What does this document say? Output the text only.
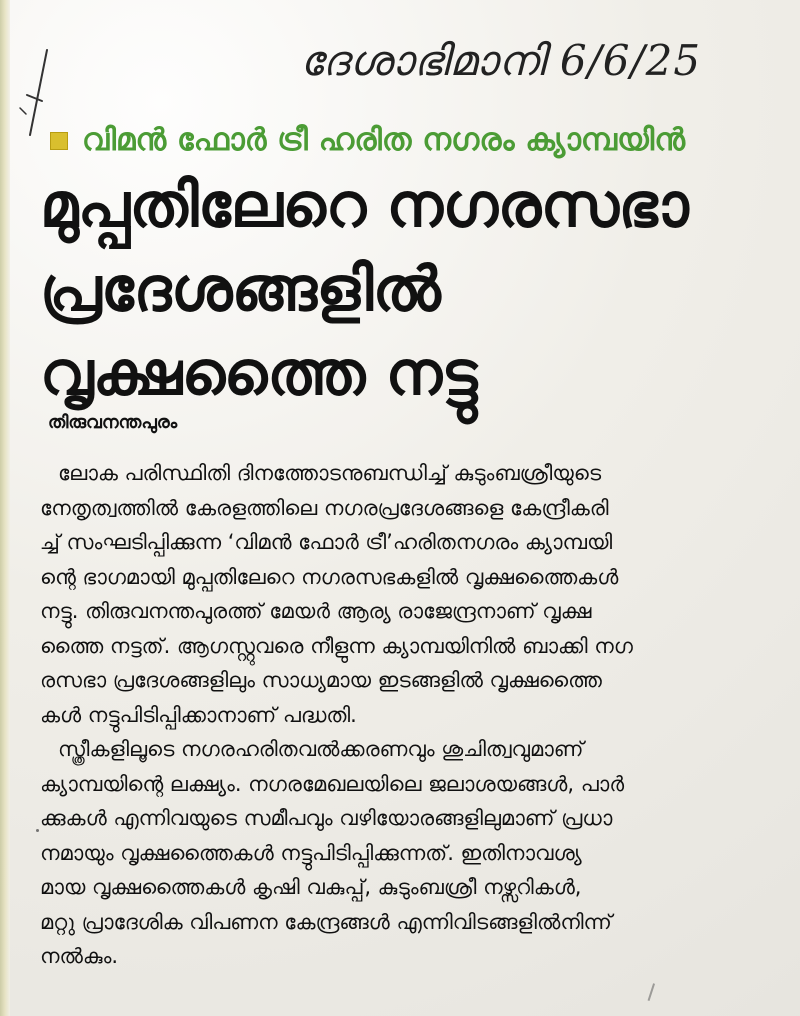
ദേശാഭിമാനി 6/6/25
വിമൻ ഫോർ ട്രീ ഹരിത നഗരം ക്യാമ്പയിൻ
മുപ്പതിലേറെ നഗരസഭാ
പ്രദേശങ്ങളിൽ
വൃക്ഷത്തൈ നട്ടു
തിരുവനന്തപുരം

ലോക പരിസ്ഥിതി ദിനത്തോടനുബന്ധിച്ച് കുടുംബശ്രീയുടെ
നേതൃത്വത്തിൽ കേരളത്തിലെ നഗരപ്രദേശങ്ങളെ കേന്ദ്രീകരി
ച്ച് സംഘടിപ്പിക്കുന്ന ‘വിമൻ ഫോർ ട്രീ’ഹരിതനഗരം ക്യാമ്പയി
ന്റെ ഭാഗമായി മുപ്പതിലേറെ നഗരസഭകളിൽ വൃക്ഷത്തൈകൾ
നട്ടു. തിരുവനന്തപുരത്ത് മേയർ ആര്യ രാജേന്ദ്രനാണ് വൃക്ഷ
ത്തൈ നട്ടത്. ആഗസ്റ്റുവരെ നീളുന്ന ക്യാമ്പയിനിൽ ബാക്കി നഗ
രസഭാ പ്രദേശങ്ങളിലും സാധ്യമായ ഇടങ്ങളിൽ വൃക്ഷത്തൈ
കൾ നട്ടുപിടിപ്പിക്കാനാണ് പദ്ധതി.
സ്ത്രീകളിലൂടെ നഗരഹരിതവൽക്കരണവും ശുചിത്വവുമാണ്
ക്യാമ്പയിന്റെ ലക്ഷ്യം. നഗരമേഖലയിലെ ജലാശയങ്ങൾ, പാർ
ക്കുകൾ എന്നിവയുടെ സമീപവും വഴിയോരങ്ങളിലുമാണ് പ്രധാ
നമായും വൃക്ഷത്തൈകൾ നട്ടുപിടിപ്പിക്കുന്നത്. ഇതിനാവശ്യ
മായ വൃക്ഷത്തൈകൾ കൃഷി വകുപ്പ്, കുടുംബശ്രീ നഴ്സറികൾ,
മറ്റു പ്രാദേശിക വിപണന കേന്ദ്രങ്ങൾ എന്നിവിടങ്ങളിൽനിന്ന്
നൽകും.
